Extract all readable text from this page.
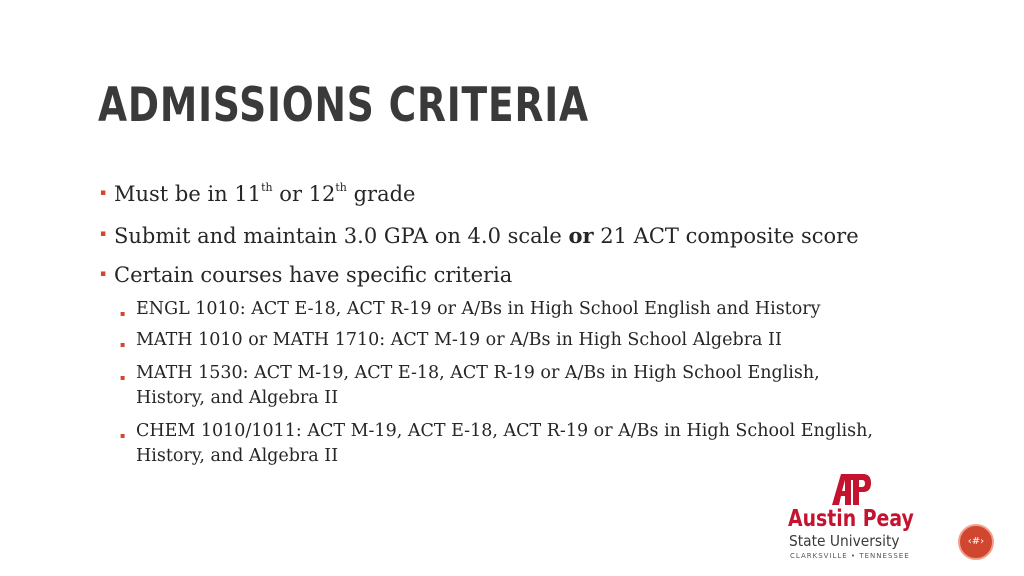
ADMISSIONS CRITERIA
▪ Must be in 11th or 12th grade
▪ Submit and maintain 3.0 GPA on 4.0 scale or 21 ACT composite score
▪ Certain courses have specific criteria
▪ ENGL 1010: ACT E-18, ACT R-19 or A/Bs in High School English and History
▪ MATH 1010 or MATH 1710: ACT M-19 or A/Bs in High School Algebra II
▪ MATH 1530: ACT M-19, ACT E-18, ACT R-19 or A/Bs in High School English, History, and Algebra II
▪ CHEM 1010/1011: ACT M-19, ACT E-18, ACT R-19 or A/Bs in High School English, History, and Algebra II
Austin Peay
State University
CLARKSVILLE • TENNESSEE
‹#›
